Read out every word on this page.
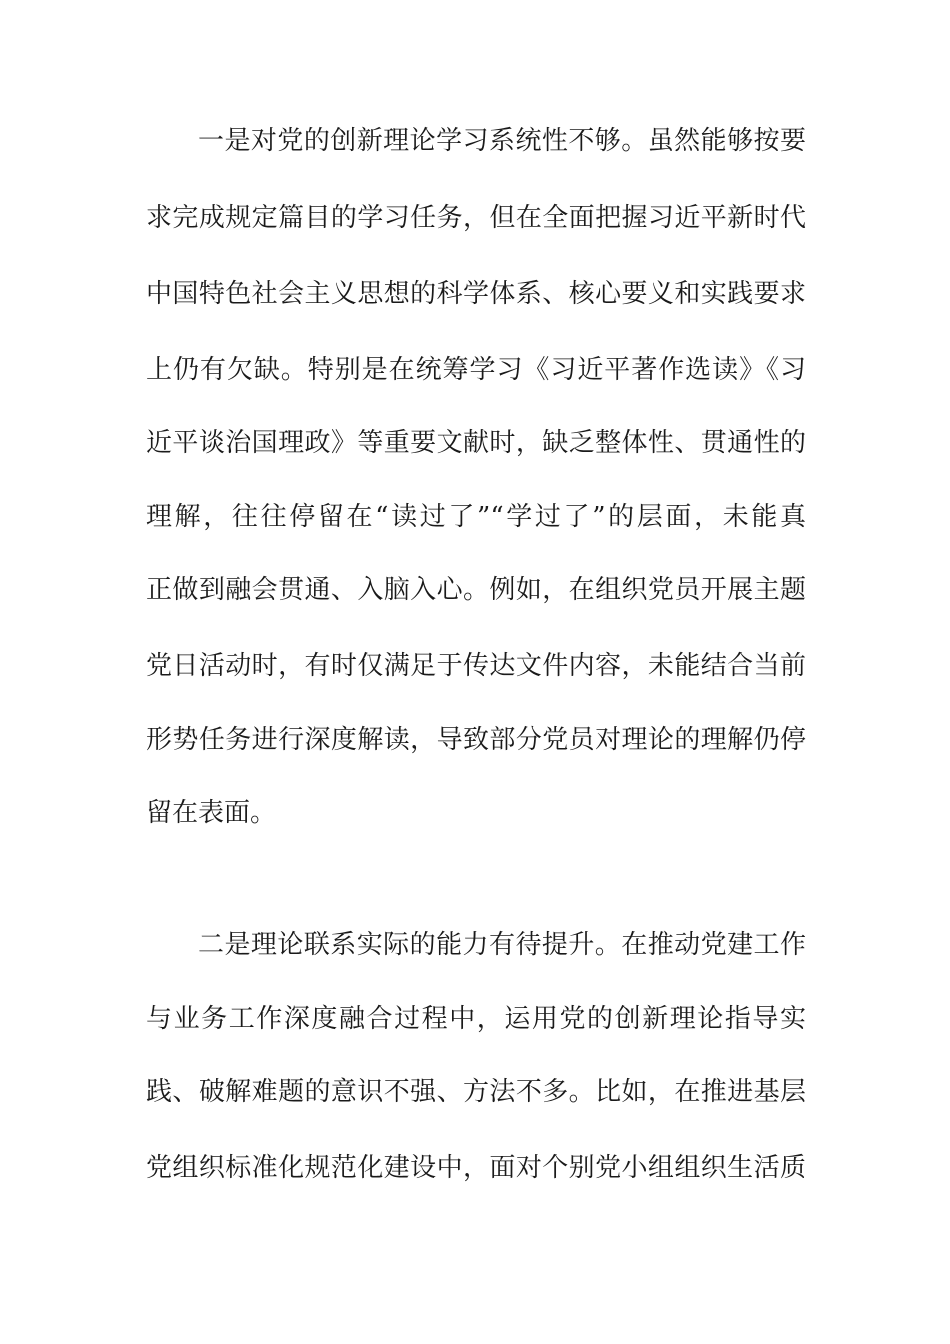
一是对党的创新理论学习系统性不够。虽然能够按要
求完成规定篇目的学习任务，但在全面把握习近平新时代
中国特色社会主义思想的科学体系、核心要义和实践要求
上仍有欠缺。特别是在统筹学习《习近平著作选读》《习
近平谈治国理政》等重要文献时，缺乏整体性、贯通性的
理解，往往停留在“读过了”“学过了”的层面，未能真
正做到融会贯通、入脑入心。例如，在组织党员开展主题
党日活动时，有时仅满足于传达文件内容，未能结合当前
形势任务进行深度解读，导致部分党员对理论的理解仍停
留在表面。
二是理论联系实际的能力有待提升。在推动党建工作
与业务工作深度融合过程中，运用党的创新理论指导实
践、破解难题的意识不强、方法不多。比如，在推进基层
党组织标准化规范化建设中，面对个别党小组组织生活质
